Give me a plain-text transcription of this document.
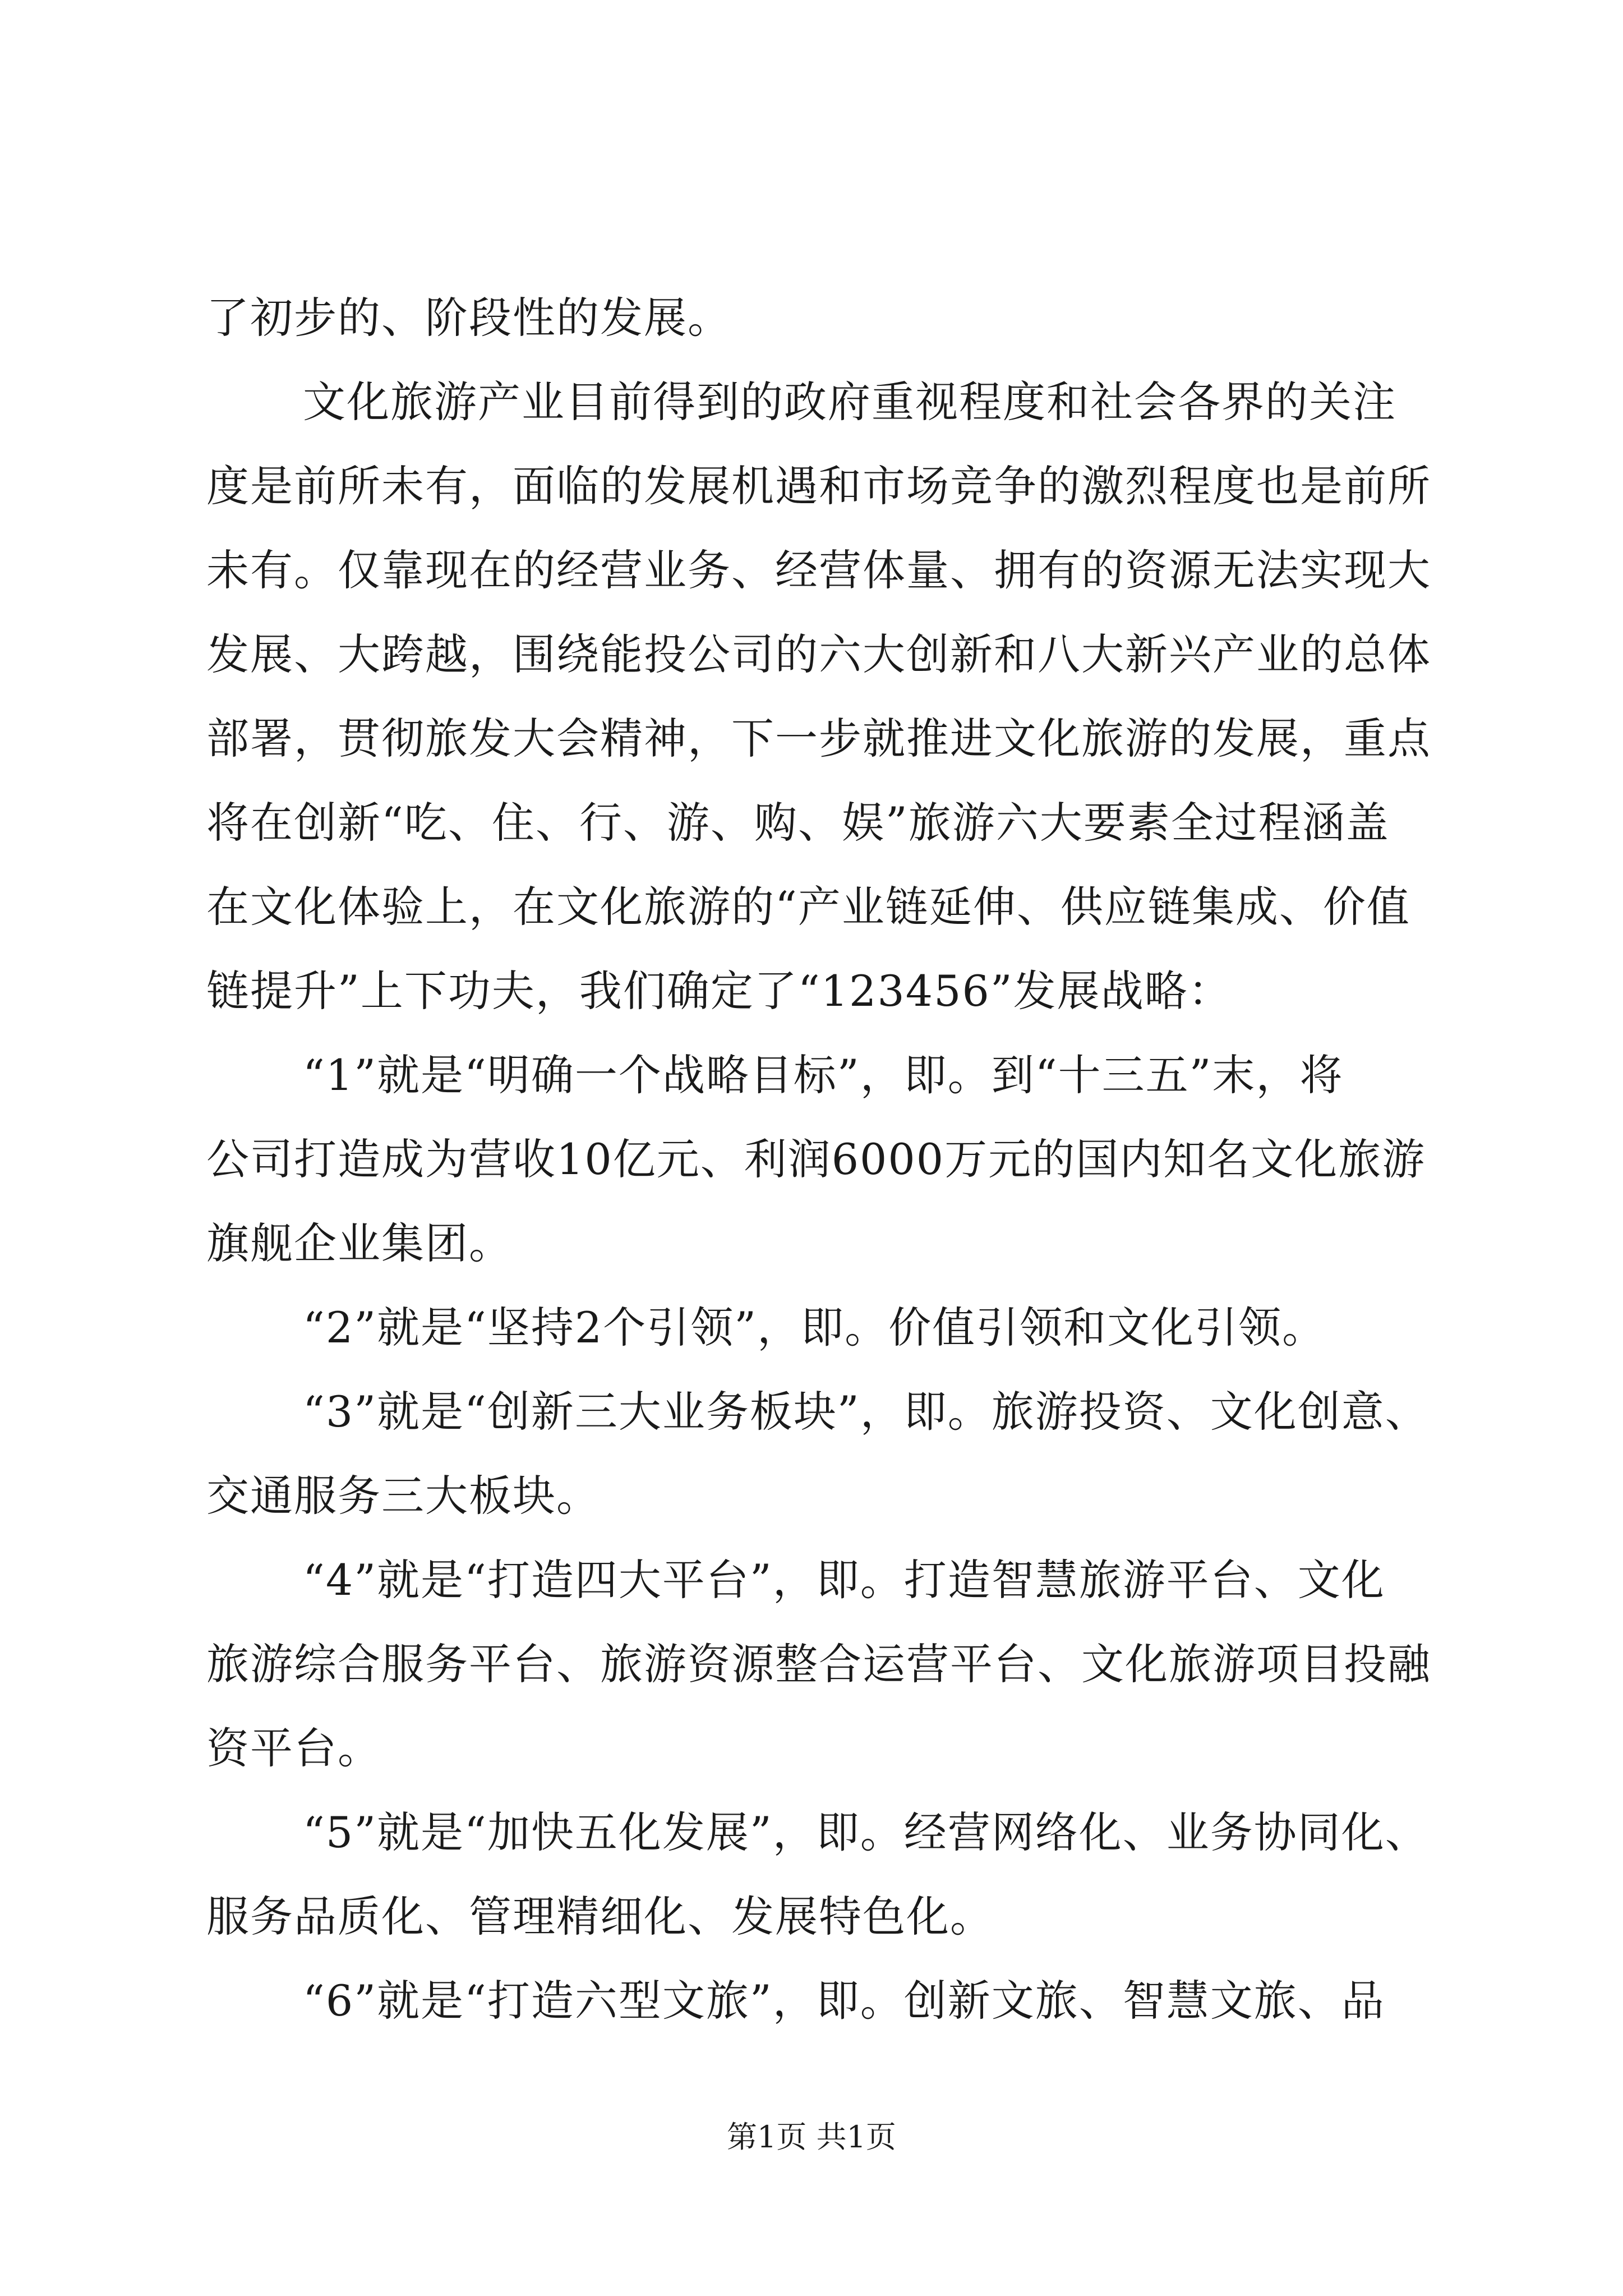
了初步的、阶段性的发展。
文化旅游产业目前得到的政府重视程度和社会各界的关注
度是前所未有，面临的发展机遇和市场竞争的激烈程度也是前所
未有。仅靠现在的经营业务、经营体量、拥有的资源无法实现大
发展、大跨越，围绕能投公司的六大创新和八大新兴产业的总体
部署，贯彻旅发大会精神，下一步就推进文化旅游的发展，重点
将在创新“吃、住、行、游、购、娱”旅游六大要素全过程涵盖
在文化体验上，在文化旅游的“产业链延伸、供应链集成、价值
链提升”上下功夫，我们确定了“123456”发展战略：
“1”就是“明确一个战略目标”，即。到“十三五”末，将
公司打造成为营收10亿元、利润6000万元的国内知名文化旅游
旗舰企业集团。
“2”就是“坚持2个引领”，即。价值引领和文化引领。
“3”就是“创新三大业务板块”，即。旅游投资、文化创意、
交通服务三大板块。
“4”就是“打造四大平台”，即。打造智慧旅游平台、文化
旅游综合服务平台、旅游资源整合运营平台、文化旅游项目投融
资平台。
“5”就是“加快五化发展”，即。经营网络化、业务协同化、
服务品质化、管理精细化、发展特色化。
“6”就是“打造六型文旅”，即。创新文旅、智慧文旅、品
第1页 共1页
